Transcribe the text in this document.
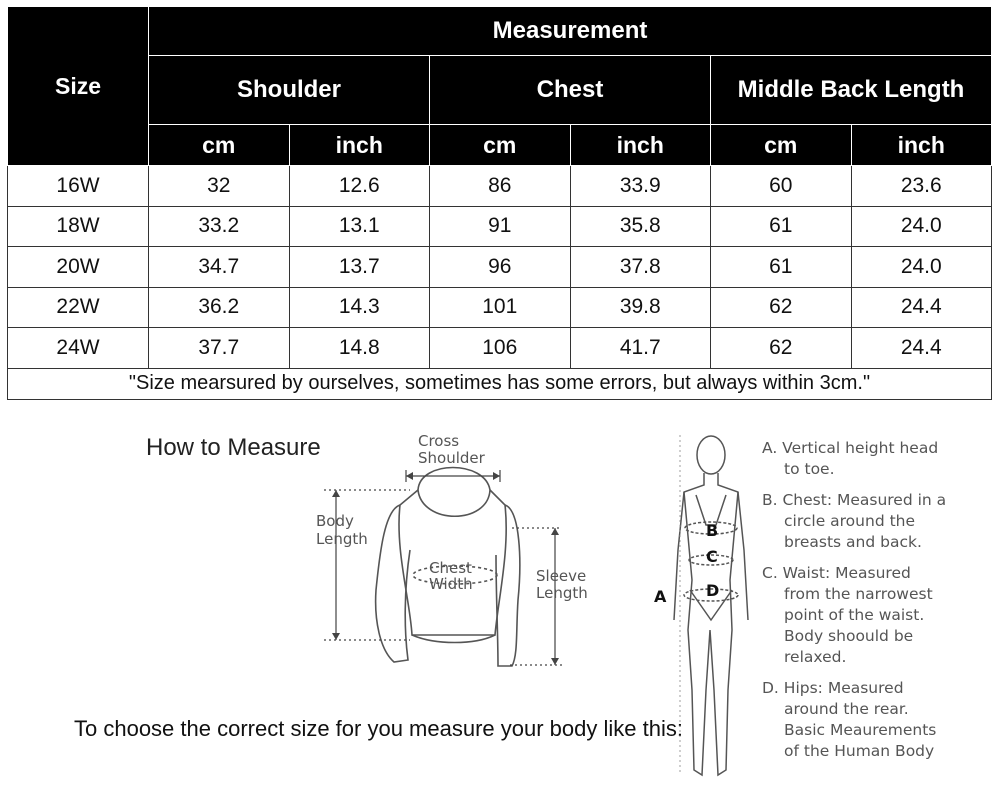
Size	Measurement					
	Shoulder		Chest		Middle Back Length	
	cm	inch	cm	inch	cm	inch
16W	32	12.6	86	33.9	60	23.6
18W	33.2	13.1	91	35.8	61	24.0
20W	34.7	13.7	96	37.8	61	24.0
22W	36.2	14.3	101	39.8	62	24.4
24W	37.7	14.8	106	41.7	62	24.4
"Size mearsured by ourselves, sometimes has some errors, but always within 3cm."						
How to Measure	Cross
Shoulder
Body
Length
Chest
Width	Sleeve
Length
To choose the correct size for you measure your body like this:
A
B
C
D
A. Vertical height head
to toe.
B. Chest: Measured in a
circle around the
breasts and back.
C. Waist: Measured
from the narrowest
point of the waist.
Body shoould be
relaxed.
D. Hips: Measured
around the rear.
Basic Meaurements
of the Human Body
